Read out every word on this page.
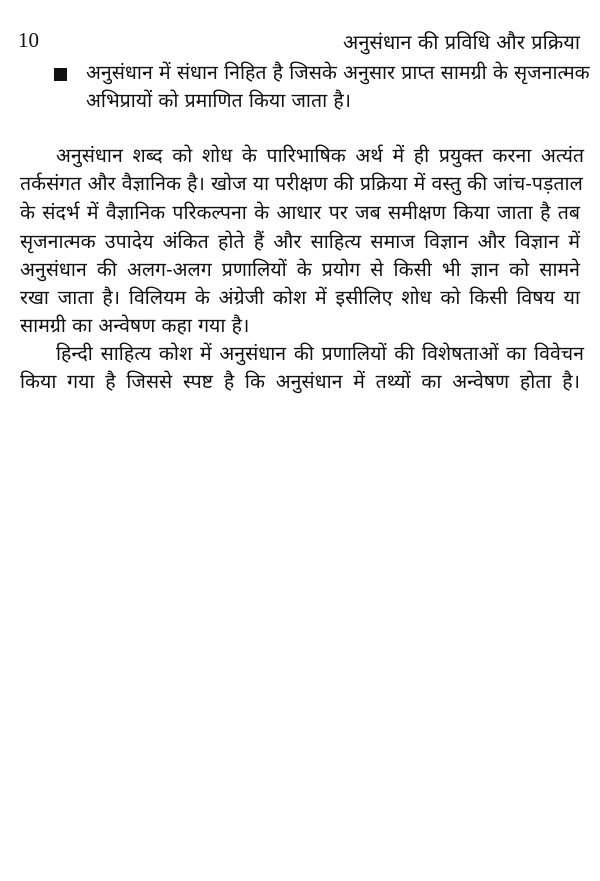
10	अनुसंधान की प्रविधि और प्रक्रिया
अनुसंधान में संधान निहित है जिसके अनुसार प्राप्त सामग्री के सृजनात्मक
अभिप्रायों को प्रमाणित किया जाता है।
अनुसंधान शब्द को शोध के पारिभाषिक अर्थ में ही प्रयुक्त करना अत्यंत
तर्कसंगत और वैज्ञानिक है। खोज या परीक्षण की प्रक्रिया में वस्तु की जांच-पड़ताल
के संदर्भ में वैज्ञानिक परिकल्पना के आधार पर जब समीक्षण किया जाता है तब
सृजनात्मक उपादेय अंकित होते हैं और साहित्य समाज विज्ञान और विज्ञान में
अनुसंधान की अलग-अलग प्रणालियों के प्रयोग से किसी भी ज्ञान को सामने
रखा जाता है। विलियम के अंग्रेजी कोश में इसीलिए शोध को किसी विषय या
सामग्री का अन्वेषण कहा गया है।
हिन्दी साहित्य कोश में अनुसंधान की प्रणालियों की विशेषताओं का विवेचन
किया गया है जिससे स्पष्ट है कि अनुसंधान में तथ्यों का अन्वेषण होता है।
